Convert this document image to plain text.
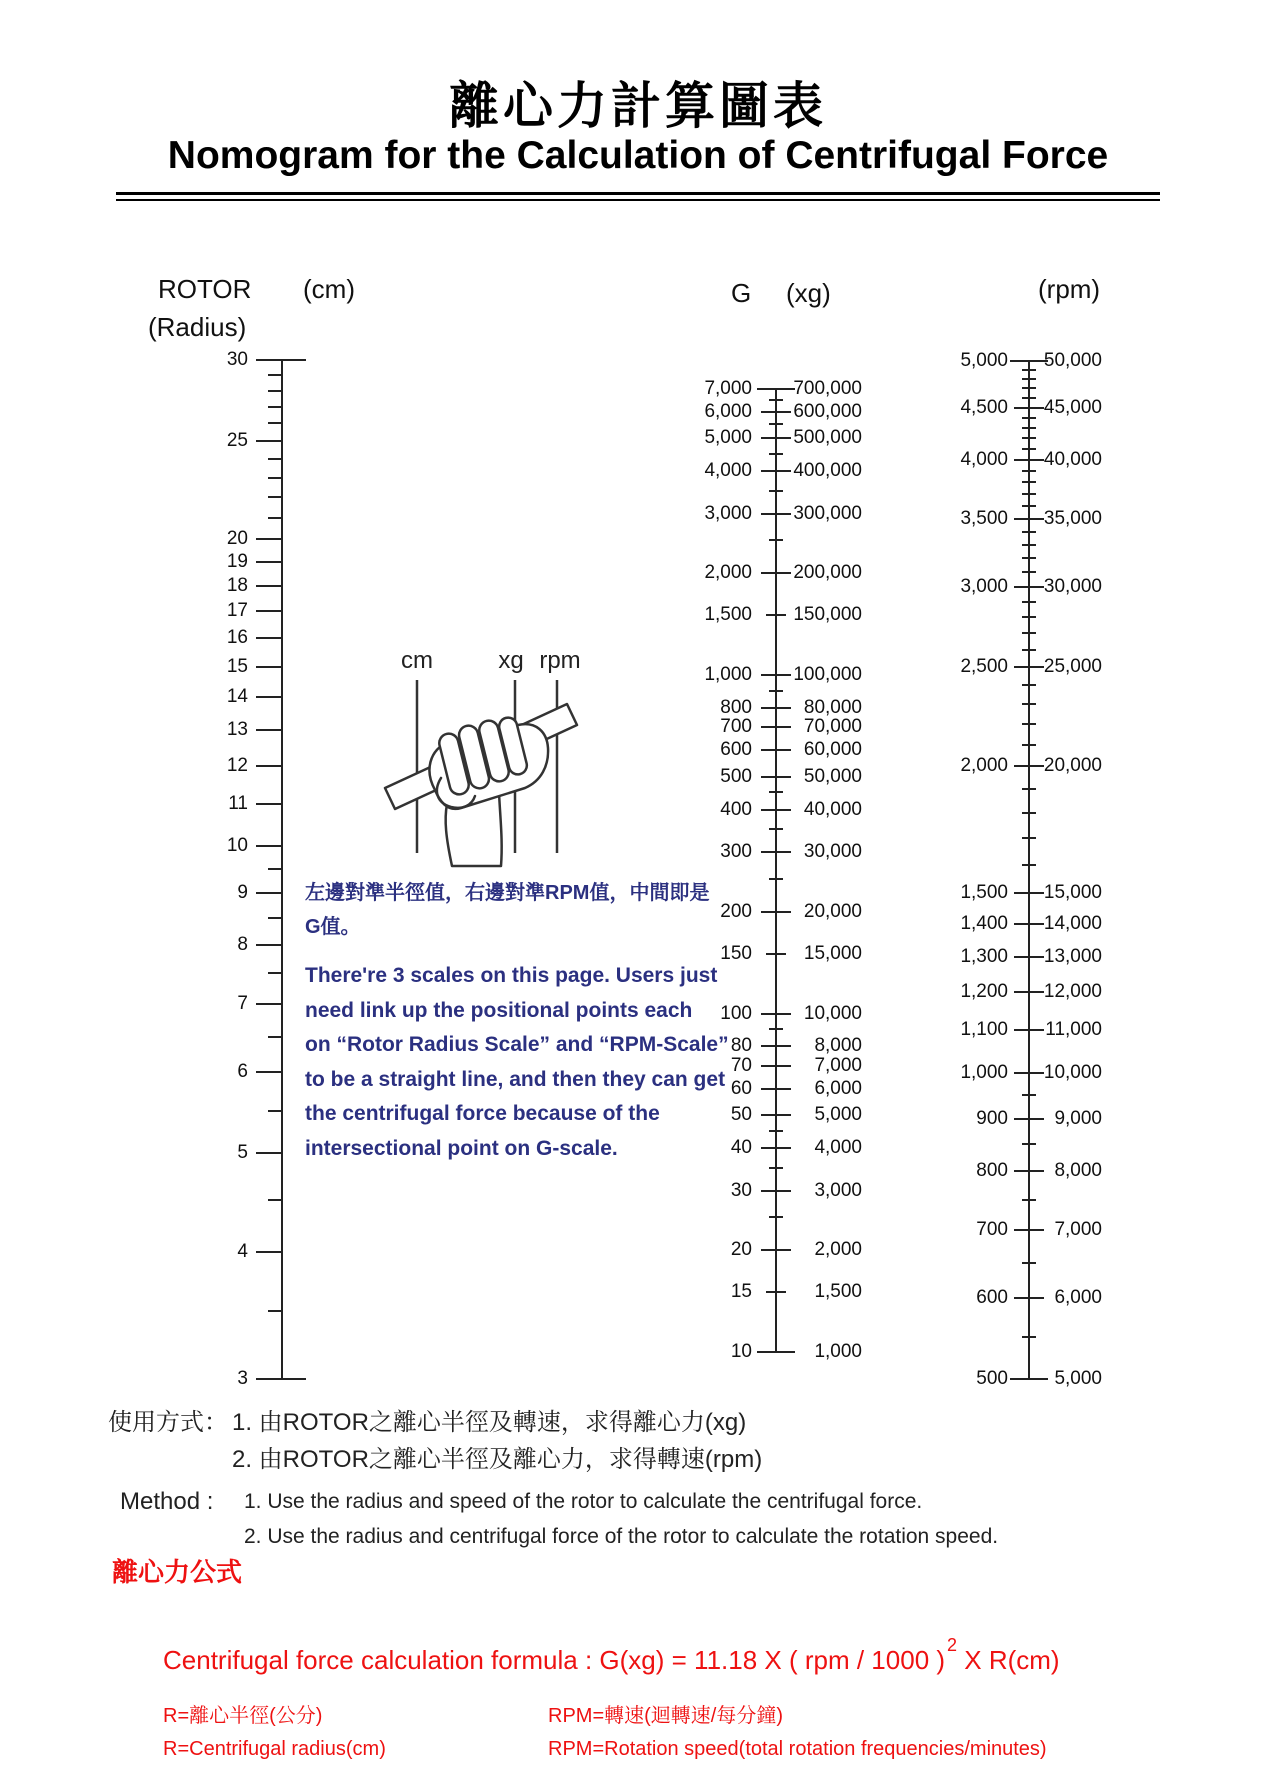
離心力計算圖表
Nomogram for the Calculation of Centrifugal Force
ROTOR (cm)
(Radius)
G (xg)	(rpm)
30
25
20
19
18
17
16
15
14
13
12
11
10
9
8
7
6
5
4
3
7,000 700,000
6,000 600,000
5,000 500,000
4,000 400,000
3,000 300,000
2,000 200,000
1,500 150,000
1,000 100,000
800	80,000
700	70,000
600	60,000
500	50,000
400	40,000
300	30,000
200	20,000
150	15,000
100	10,000
80	8,000
70	7,000
60	6,000
50	5,000
40	4,000
30	3,000
20	2,000
15	1,500
10	1,000
5,000 50,000
4,500 45,000
4,000 40,000
3,500 35,000
3,000 30,000
2,500 25,000
2,000 20,000
1,500 15,000
1,400 14,000
1,300 13,000
1,200 12,000
1,100 11,000
1,000 10,000
900 9,000
800 8,000
700 7,000
600 6,000
500 5,000
cm	xg rpm
左邊對準半徑值，右邊對準RPM值，中間即是
G值。
There're 3 scales on this page. Users just
need link up the positional points each
on “Rotor Radius Scale” and “RPM-Scale”
to be a straight line, and then they can get
the centrifugal force because of the
intersectional point on G-scale.
使用方式： 1. 由ROTOR之離心半徑及轉速，求得離心力(xg)
2. 由ROTOR之離心半徑及離心力，求得轉速(rpm)
Method : 1. Use the radius and speed of the rotor to calculate the centrifugal force.
2. Use the radius and centrifugal force of the rotor to calculate the rotation speed.
離心力公式
Centrifugal force calculation formula : G(xg) = 11.18 X ( rpm / 1000 ) $^2$ X R(cm)
R=離心半徑(公分)
R=Centrifugal radius(cm)
RPM=轉速(迴轉速/每分鐘)
RPM=Rotation speed(total rotation frequencies/minutes)
